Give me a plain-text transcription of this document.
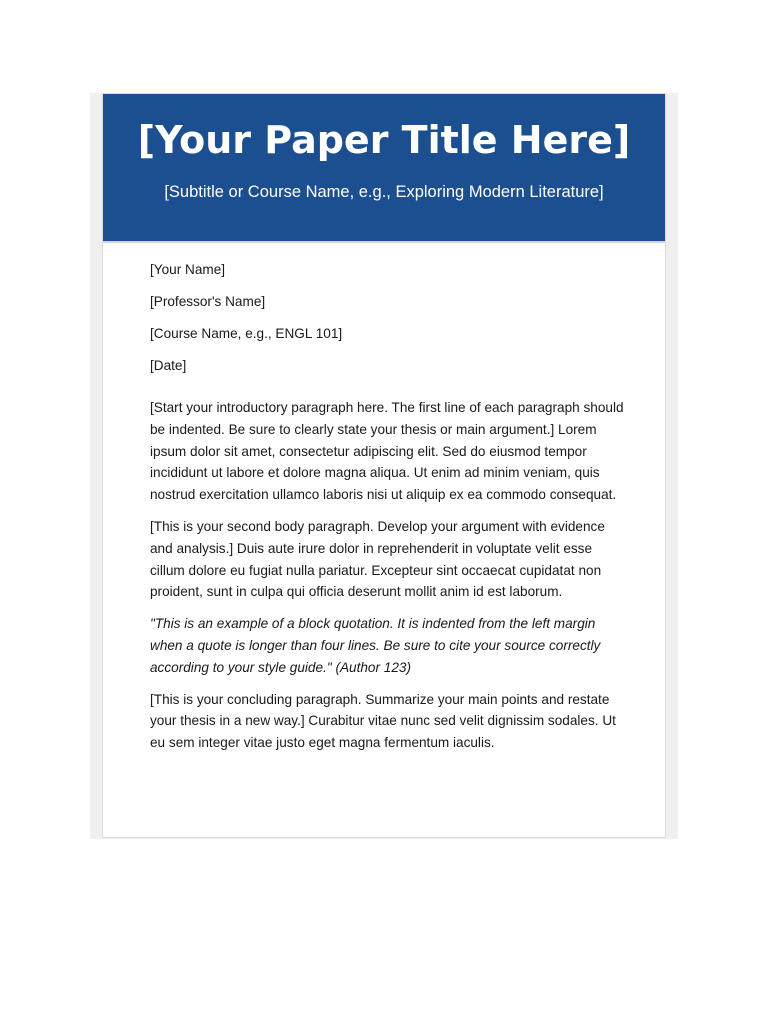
[Your Paper Title Here]
[Subtitle or Course Name, e.g., Exploring Modern Literature]
[Your Name]
[Professor's Name]
[Course Name, e.g., ENGL 101]
[Date]

[Start your introductory paragraph here. The first line of each paragraph should be indented. Be sure to clearly state your thesis or main argument.] Lorem ipsum dolor sit amet, consectetur adipiscing elit. Sed do eiusmod tempor incididunt ut labore et dolore magna aliqua. Ut enim ad minim veniam, quis nostrud exercitation ullamco laboris nisi ut aliquip ex ea commodo consequat.

[This is your second body paragraph. Develop your argument with evidence and analysis.] Duis aute irure dolor in reprehenderit in voluptate velit esse cillum dolore eu fugiat nulla pariatur. Excepteur sint occaecat cupidatat non proident, sunt in culpa qui officia deserunt mollit anim id est laborum.

"This is an example of a block quotation. It is indented from the left margin when a quote is longer than four lines. Be sure to cite your source correctly according to your style guide." (Author 123)

[This is your concluding paragraph. Summarize your main points and restate your thesis in a new way.] Curabitur vitae nunc sed velit dignissim sodales. Ut eu sem integer vitae justo eget magna fermentum iaculis.
